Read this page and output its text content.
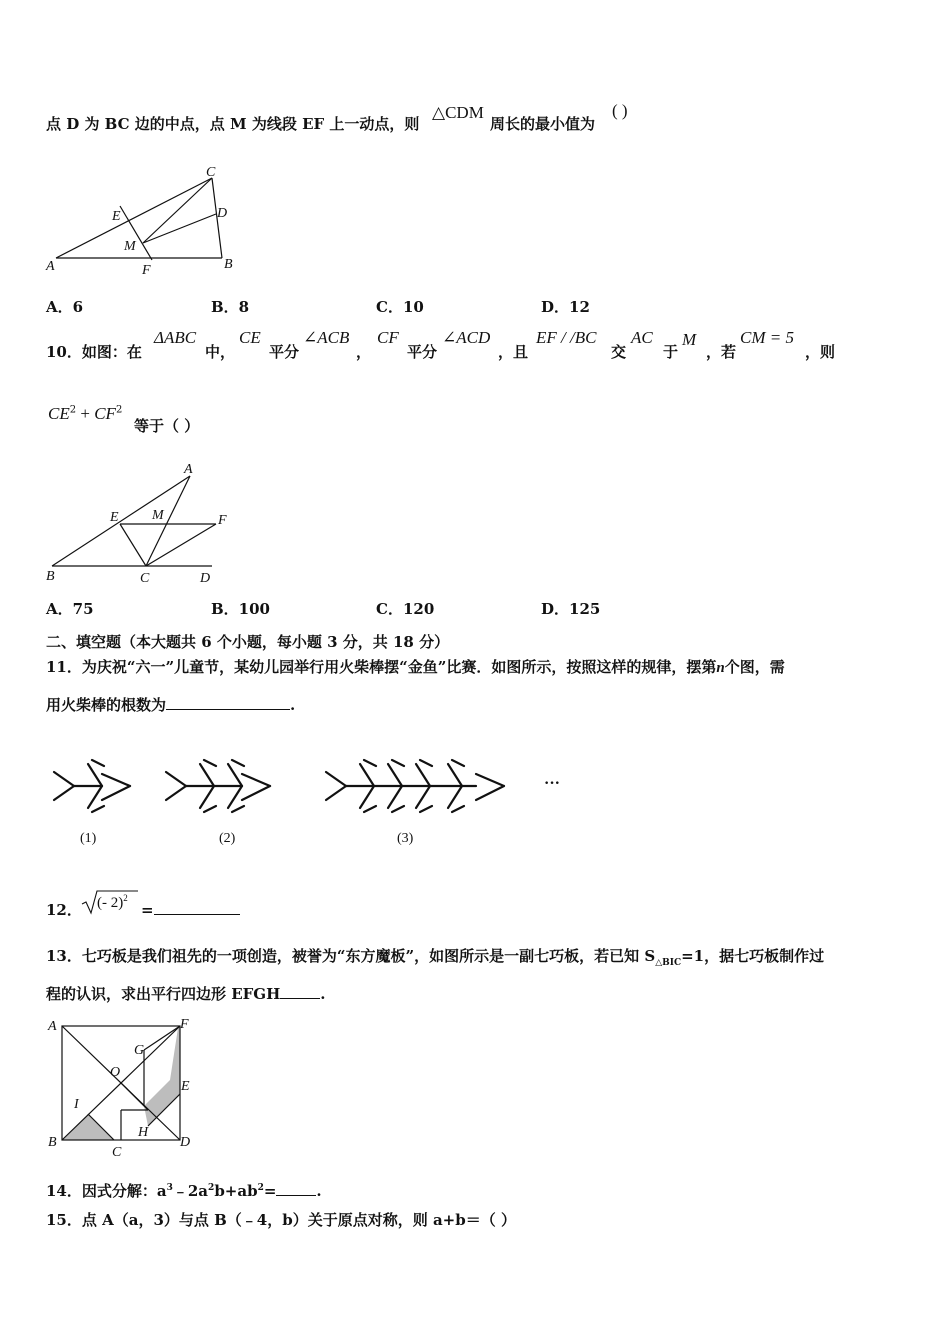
点 D 为 BC 边的中点，点 M 为线段 EF 上一动点，则
△CDM
周长的最小值为
( )
A	B
C
D
E
F
M
A．6	B．8	C．10	D．12
10．如图：在
ΔABC
中，
CE
平分
∠ACB
，
CF
平分
∠ACD
，且
EF / /BC
交
AC
于
M
，若
CM = 5
，则
$CE^2 + CF^2$
等于（ ）
A
B	C	D
E	F
M
A．75	B．100	C．120	D．125
二、填空题（本大题共 6 个小题，每小题 3 分，共 18 分）
11．为庆祝“六一”儿童节，某幼儿园举行用火柴棒摆“金鱼”比赛．如图所示，按照这样的规律，摆第n个图，需
用火柴棒的根数为	.
(1)	(2)	(3)
···
12． (- 2)$^2$
=
13．七巧板是我们祖先的一项创造，被誉为“东方魔板”，如图所示是一副七巧板，若已知 $S_{\triangle BIC}=1$，据七巧板制作过
程的认识，求出平行四边形 EFGH	.
A
B
C
D
E
F
G
H
I
O
14．因式分解：$a^3﹣2a^2b+ab^2=$	.
15．点 A（a，3）与点 B（﹣4，b）关于原点对称，则 a+b＝（ ）
